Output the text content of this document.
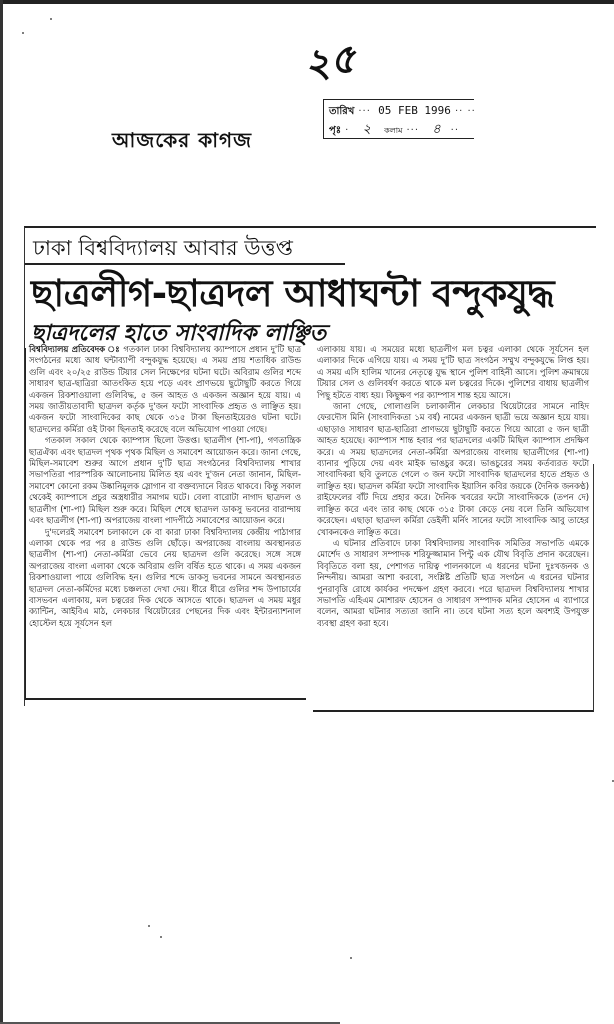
২৫
তারিখ ··· 05 FEB 1996 ·· ··
পৃঃ · ২ কলাম ··· ৪ ··
আজকের কাগজ
ঢাকা বিশ্ববিদ্যালয় আবার উত্তপ্ত
ছাত্রলীগ-ছাত্রদল আধাঘন্টা বন্দুকযুদ্ধ
ছাত্রদলের হাতে সাংবাদিক লাঞ্ছিত

বিশ্ববিদ্যালয় প্রতিবেদক ঃ গতকাল ঢাকা বিশ্ববিদ্যালয় ক্যাম্পাসে প্রধান দু'টি ছাত্র সংগঠনের মধ্যে আধ ঘন্টাব্যাপী বন্দুকযুদ্ধ হয়েছে। এ সময় প্রায় শতাধিক রাউন্ড গুলি এবং ২০/২৫ রাউন্ড টিয়ার সেল নিক্ষেপের ঘটনা ঘটে। অবিরাম গুলির শব্দে সাধারণ ছাত্র-ছাত্রিরা আতংকিত হয়ে পড়ে এবং প্রাণভয়ে ছুটোছুটি করতে গিয়ে একজন রিকশাওয়ালা গুলিবিদ্ধ, ৫ জন আহত ও একজন অজ্ঞান হয়ে যায়। এ সময় জাতীয়তাবাদী ছাত্রদল কর্তৃক দু'জন ফটো সাংবাদিক প্রহৃত ও লাঞ্ছিত হয়। একজন ফটো সাংবাদিকের কাছ থেকে ৩১৫ টাকা ছিনতাইয়েরও ঘটনা ঘটে। ছাত্রদলের কর্মিরা ওই টাকা ছিনতাই করেছে বলে অভিযোগ পাওয়া গেছে।

গতকাল সকাল থেকে ক্যাম্পাস ছিলো উত্তপ্ত। ছাত্রলীগ (শা-পা), গণতান্ত্রিক ছাত্রঐক্য এবং ছাত্রদল পৃথক পৃথক মিছিল ও সমাবেশ আয়োজন করে। জানা গেছে, মিছিল-সমাবেশ শুরুর আগে প্রধান দু'টি ছাত্র সংগঠনের বিশ্ববিদ্যালয় শাখার সভাপতিরা পারস্পরিক আলোচনায় মিলিত হয় এবং দু'জন নেতা জানান, মিছিল-সমাবেশ কোনো রকম উষ্কানিমূলক স্লোগান বা বক্তব্যদানে বিরত থাকবে। কিন্তু সকাল থেকেই ক্যাম্পাসে প্রচুর অস্ত্রধারীর সমাগম ঘটে। বেলা বারোটা নাগাদ ছাত্রদল ও ছাত্রলীগ (শা-পা) মিছিল শুরু করে। মিছিল শেষে ছাত্রদল ডাকসু ভবনের বারান্দায় এবং ছাত্রলীগ (শা-পা) অপরাজেয় বাংলা পাদপীঠে সমাবেশের আয়োজন করে।

দু'দলেরই সমাবেশ চলাকালে কে বা কারা ঢাকা বিশ্ববিদ্যালয় কেন্দ্রীয় পাঠাগার এলাকা থেকে পর পর ৪ রাউন্ড গুলি ছোঁড়ে। অপরাজেয় বাংলায় অবস্থানরত ছাত্রলীগ (শা-পা) নেতা-কর্মিরা ভেবে নেয় ছাত্রদল গুলি করেছে। সঙ্গে সঙ্গে অপরাজেয় বাংলা এলাকা থেকে অবিরাম গুলি বর্ষিত হতে থাকে। এ সময় একজন রিকশাওয়ালা পায়ে গুলিবিদ্ধ হন। গুলির শব্দে ডাকসু ভবনের সামনে অবস্থানরত ছাত্রদল নেতা-কর্মিদের মধ্যে চঞ্চলতা দেখা দেয়। ধীরে ধীরে গুলির শব্দ উপাচার্যের বাসভবন এলাকায়, মল চত্বরের দিক থেকে আসতে থাকে। ছাত্রদল এ সময় মধুর ক্যান্টিন, আইবিএ মাঠ, লেকচার থিয়েটারের পেছনের দিক এবং ইন্টারন্যাশনাল হোস্টেল হয়ে সূর্যসেন হল

এলাকায় যায়। এ সময়ের মধ্যে ছাত্রলীগ মল চত্বর এলাকা থেকে সূর্যসেন হল এলাকার দিকে এগিয়ে যায়। এ সময় দু'টি ছাত্র সংগঠন সম্মুখ বন্দুকযুদ্ধে লিপ্ত হয়। এ সময় এসি হালিম খানের নেতৃত্বে যুদ্ধ স্থানে পুলিশ বাহিনী আসে। পুলিশ ক্রমান্বয়ে টিয়ার সেল ও গুলিবর্ষণ করতে থাকে মল চত্বরের দিকে। পুলিশের বাধায় ছাত্রলীগ পিছু হটতে বাধ্য হয়। কিছুক্ষণ পর ক্যাম্পাস শান্ত হয়ে আসে।

জানা গেছে, গোলাগুলি চলাকালীন লেকচার থিয়েটারের সামনে নাহিদ ফেরদৌস মিনি (সাংবাদিকতা ১ম বর্ষ) নামের একজন ছাত্রী ভয়ে অজ্ঞান হয়ে যায়। এছাড়াও সাধারণ ছাত্র-ছাত্রিরা প্রাণভয়ে ছুটাছুটি করতে গিয়ে আরো ৫ জন ছাত্রী আহত হয়েছে। ক্যাম্পাস শান্ত হবার পর ছাত্রদলের একটি মিছিল ক্যাম্পাস প্রদক্ষিণ করে। এ সময় ছাত্রদলের নেতা-কর্মিরা অপরাজেয় বাংলায় ছাত্রলীগের (শা-পা) ব্যানার পুড়িয়ে দেয় এবং মাইক ভাঙচুর করে। ভাঙচুরের সময় কর্তব্যরত ফটো সাংবাদিকরা ছবি তুলতে গেলে ৩ জন ফটো সাংবাদিক ছাত্রদলের হাতে প্রহৃত ও লাঞ্ছিত হয়। ছাত্রদল কর্মিরা ফটো সাংবাদিক ইয়াসিন কবির জয়কে (দৈনিক জনকণ্ঠ) রাইফেলের বাঁট দিয়ে প্রহার করে। দৈনিক খবরের ফটো সাংবাদিককে (তপন দে) লাঞ্ছিত করে এবং তার কাছ থেকে ৩১৫ টাকা কেড়ে নেয় বলে তিনি অভিযোগ করেছেন। এছাড়া ছাত্রদল কর্মিরা ডেইলী মর্নিং সানের ফটো সাংবাদিক আবু তাহের খোকনকেও লাঞ্ছিত করে।

এ ঘটনার প্রতিবাদে ঢাকা বিশ্ববিদ্যালয় সাংবাদিক সমিতির সভাপতি এমকে মোর্শেদ ও সাধারণ সম্পাদক শরিফুজ্জামান পিন্টু এক যৌথ বিবৃতি প্রদান করেছেন। বিবৃতিতে বলা হয়, পেশাগত দায়িত্ব পালনকালে এ ধরনের ঘটনা দুঃখজনক ও নিন্দনীয়। আমরা আশা করবো, সংশ্লিষ্ট প্রতিটি ছাত্র সংগঠন এ ধরনের ঘটনার পুনরাবৃত্তি রোধে কার্যকর পদক্ষেপ গ্রহণ করবে। পরে ছাত্রদল বিশ্ববিদ্যালয় শাখার সভাপতি এহিএম মোশারফ হোসেন ও সাধারণ সম্পাদক মনির হোসেন এ ব্যাপারে বলেন, আমরা ঘটনার সত্যতা জানি না। তবে ঘটনা সত্য হলে অবশ্যই উপযুক্ত ব্যবস্থা গ্রহণ করা হবে।
